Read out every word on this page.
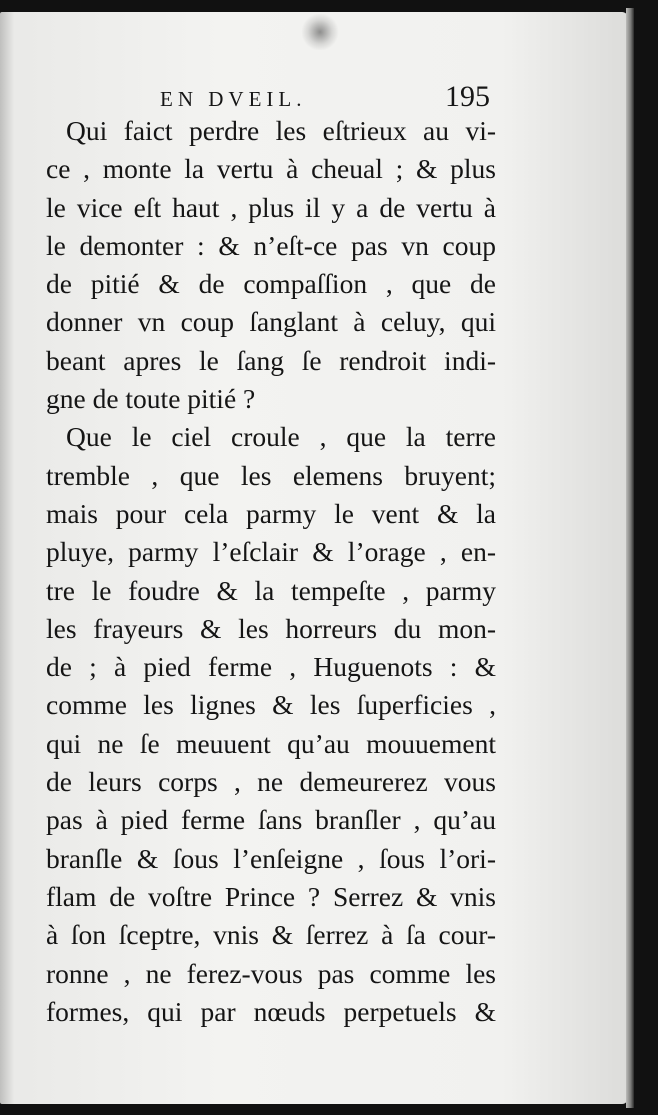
EN DVEIL.	195
Qui faict perdre les eſtrieux au vi-
ce , monte la vertu à cheual ; & plus
le vice eſt haut , plus il y a de vertu à
le demonter : & n’eſt-ce pas vn coup
de pitié & de compaſſion , que de
donner vn coup ſanglant à celuy, qui
beant apres le ſang ſe rendroit indi-
gne de toute pitié ?
Que le ciel croule , que la terre
tremble , que les elemens bruyent;
mais pour cela parmy le vent & la
pluye, parmy l’eſclair & l’orage , en-
tre le foudre & la tempeſte , parmy
les frayeurs & les horreurs du mon-
de ; à pied ferme , Huguenots : &
comme les lignes & les ſuperficies ,
qui ne ſe meuuent qu’au mouuement
de leurs corps , ne demeurerez vous
pas à pied ferme ſans branſler , qu’au
branſle & ſous l’enſeigne , ſous l’ori-
flam de voſtre Prince ? Serrez & vnis
à ſon ſceptre, vnis & ſerrez à ſa cour-
ronne , ne ferez-vous pas comme les
formes, qui par nœuds perpetuels &
